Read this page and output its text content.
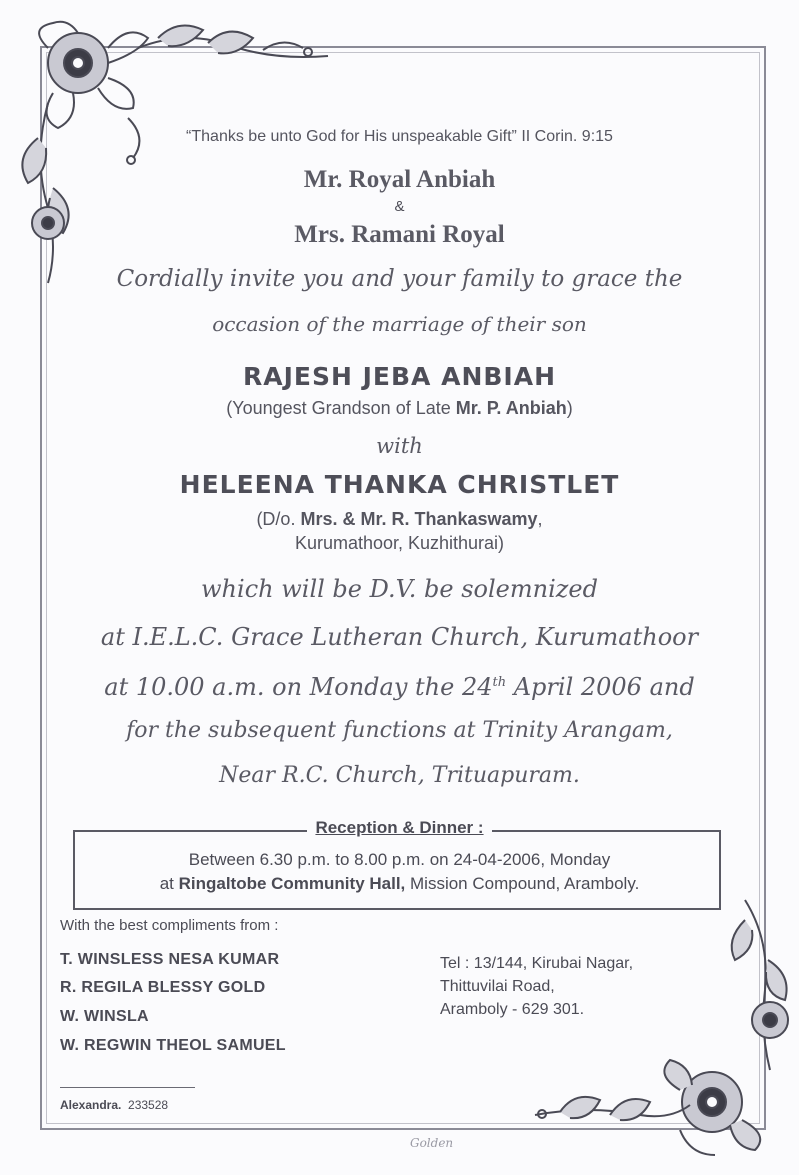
“Thanks be unto God for His unspeakable Gift” II Corin. 9:15
Mr. Royal Anbiah
&
Mrs. Ramani Royal
Cordially invite you and your family to grace the
occasion of the marriage of their son
RAJESH JEBA ANBIAH
(Youngest Grandson of Late Mr. P. Anbiah)
with
HELEENA THANKA CHRISTLET
(D/o. Mrs. & Mr. R. Thankaswamy,
Kurumathoor, Kuzhithurai)
which will be D.V. be solemnized
at I.E.L.C. Grace Lutheran Church, Kurumathoor
at 10.00 a.m. on Monday the 24th April 2006 and
for the subsequent functions at Trinity Arangam,
Near R.C. Church, Trituapuram.
Reception & Dinner :
Between 6.30 p.m. to 8.00 p.m. on 24-04-2006, Monday
at Ringaltobe Community Hall, Mission Compound, Aramboly.
With the best compliments from :
T. WINSLESS NESA KUMAR
R. REGILA BLESSY GOLD
W. WINSLA
W. REGWIN THEOL SAMUEL
Tel : 13/144, Kirubai Nagar,
Thittuvilai Road,
Aramboly - 629 301.
Alexandra. 233528
Golden
